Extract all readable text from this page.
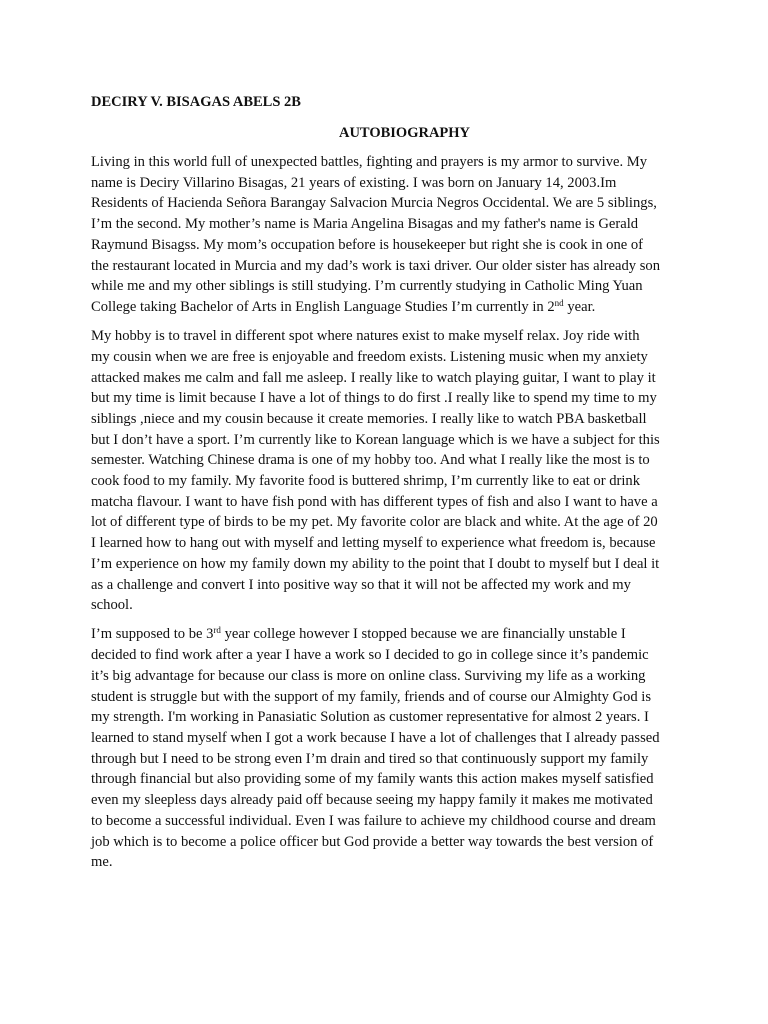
DECIRY V. BISAGAS ABELS 2B
AUTOBIOGRAPHY
Living in this world full of unexpected battles, fighting and prayers is my armor to survive. My
name is Deciry Villarino Bisagas, 21 years of existing. I was born on January 14, 2003.Im
Residents of Hacienda Señora Barangay Salvacion Murcia Negros Occidental. We are 5 siblings,
I’m the second. My mother’s name is Maria Angelina Bisagas and my father's name is Gerald
Raymund Bisagss. My mom’s occupation before is housekeeper but right she is cook in one of
the restaurant located in Murcia and my dad’s work is taxi driver. Our older sister has already son
while me and my other siblings is still studying. I’m currently studying in Catholic Ming Yuan
College taking Bachelor of Arts in English Language Studies I’m currently in 2nd year.
My hobby is to travel in different spot where natures exist to make myself relax. Joy ride with
my cousin when we are free is enjoyable and freedom exists. Listening music when my anxiety
attacked makes me calm and fall me asleep. I really like to watch playing guitar, I want to play it
but my time is limit because I have a lot of things to do first .I really like to spend my time to my
siblings ,niece and my cousin because it create memories. I really like to watch PBA basketball
but I don’t have a sport. I’m currently like to Korean language which is we have a subject for this
semester. Watching Chinese drama is one of my hobby too. And what I really like the most is to
cook food to my family. My favorite food is buttered shrimp, I’m currently like to eat or drink
matcha flavour. I want to have fish pond with has different types of fish and also I want to have a
lot of different type of birds to be my pet. My favorite color are black and white. At the age of 20
I learned how to hang out with myself and letting myself to experience what freedom is, because
I’m experience on how my family down my ability to the point that I doubt to myself but I deal it
as a challenge and convert I into positive way so that it will not be affected my work and my
school.
I’m supposed to be 3rd year college however I stopped because we are financially unstable I
decided to find work after a year I have a work so I decided to go in college since it’s pandemic
it’s big advantage for because our class is more on online class. Surviving my life as a working
student is struggle but with the support of my family, friends and of course our Almighty God is
my strength. I'm working in Panasiatic Solution as customer representative for almost 2 years. I
learned to stand myself when I got a work because I have a lot of challenges that I already passed
through but I need to be strong even I’m drain and tired so that continuously support my family
through financial but also providing some of my family wants this action makes myself satisfied
even my sleepless days already paid off because seeing my happy family it makes me motivated
to become a successful individual. Even I was failure to achieve my childhood course and dream
job which is to become a police officer but God provide a better way towards the best version of
me.
